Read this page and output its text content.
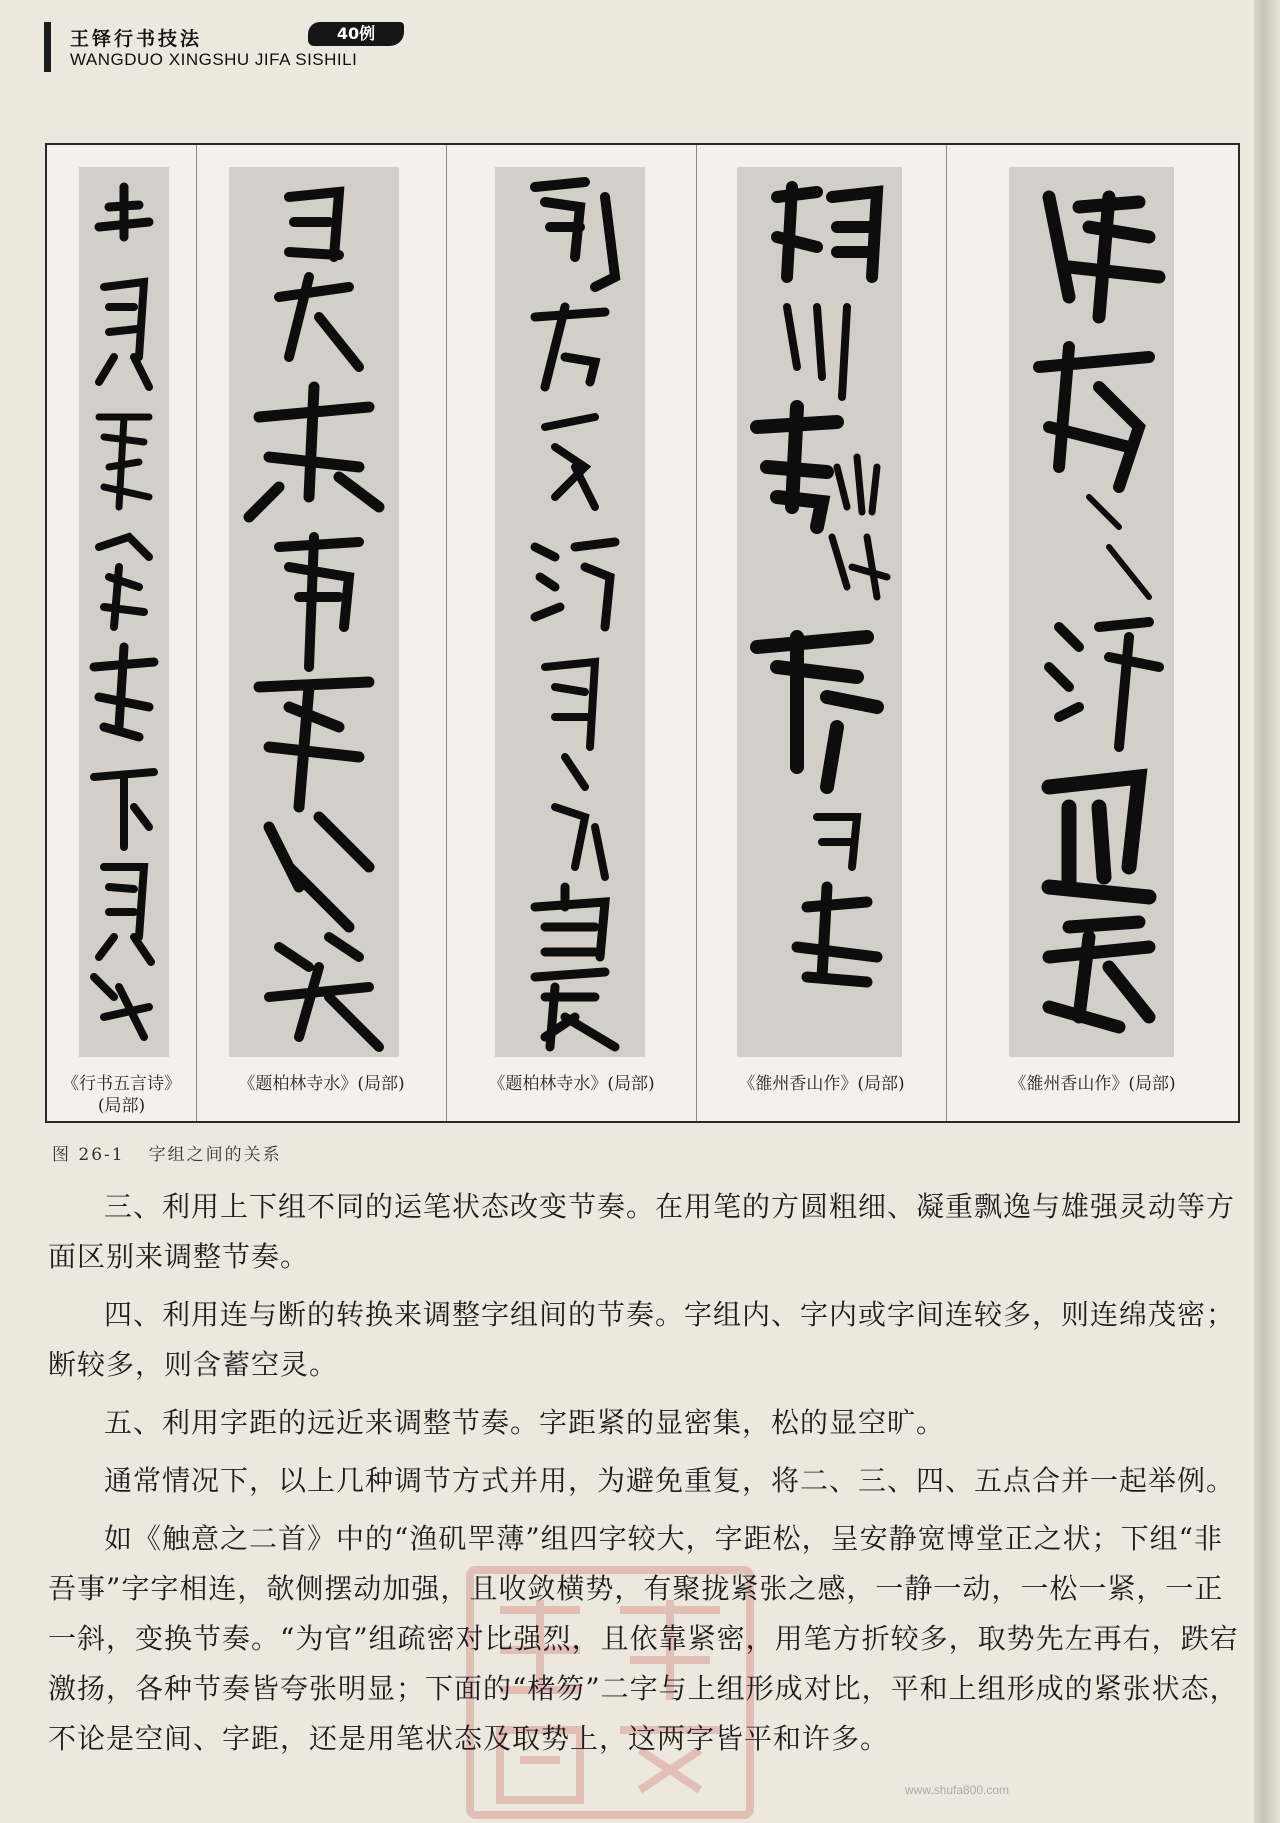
王铎行书技法	40例
WANGDUO XINGSHU JIFA SISHILI
《行书五言诗》
(局部)
《题柏林寺水》(局部)	《题柏林寺水》(局部)	《雒州香山作》(局部)	《雒州香山作》(局部)
图 26-1 字组之间的关系

三、利用上下组不同的运笔状态改变节奏。在用笔的方圆粗细、凝重飘逸与雄强灵动等方面区别来调整节奏。

四、利用连与断的转换来调整字组间的节奏。字组内、字内或字间连较多，则连绵茂密；断较多，则含蓄空灵。

五、利用字距的远近来调整节奏。字距紧的显密集，松的显空旷。

通常情况下，以上几种调节方式并用，为避免重复，将二、三、四、五点合并一起举例。

如《触意之二首》中的“渔矶䍐薄”组四字较大，字距松，呈安静宽博堂正之状；下组“非吾事”字字相连，欹侧摆动加强，且收敛横势，有聚拢紧张之感，一静一动，一松一紧，一正一斜，变换节奏。“为官”组疏密对比强烈，且依靠紧密，用笔方折较多，取势先左再右，跌宕激扬，各种节奏皆夸张明显；下面的“楮笏”二字与上组形成对比，平和上组形成的紧张状态，不论是空间、字距，还是用笔状态及取势上，这两字皆平和许多。

www.shufa800.com
